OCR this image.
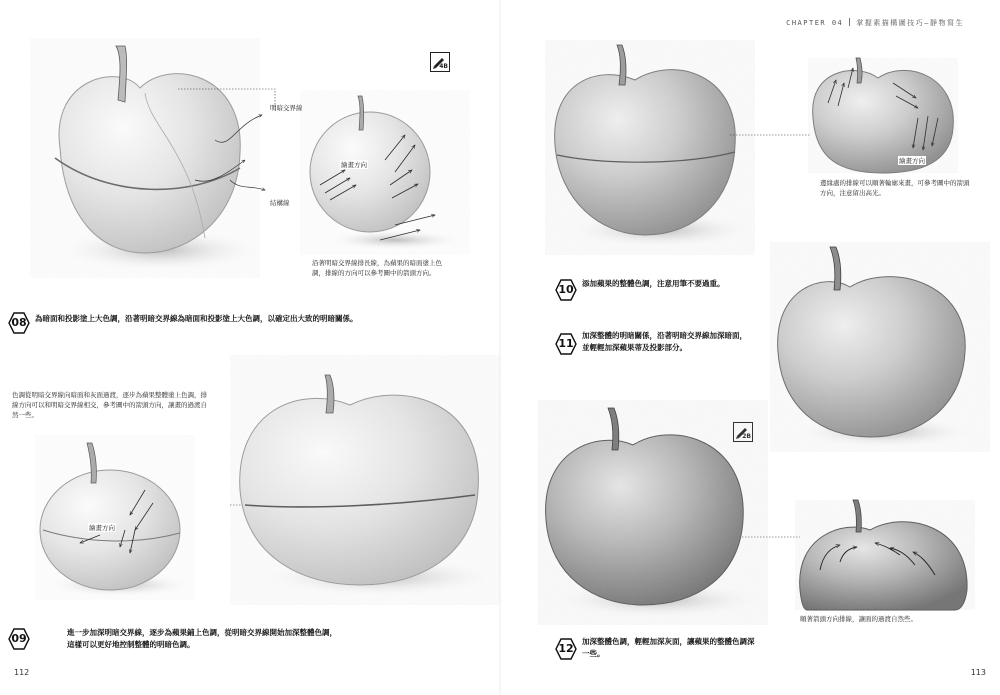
明暗交界線
結構線
繪畫方向
4B
沿著明暗交界線排長線，為蘋果的暗面塗上色調，排線的方向可以參考圖中的箭頭方向。
08	為暗面和投影塗上大色調，沿著明暗交界線為暗面和投影塗上大色調，以確定出大致的明暗關係。
色調從明暗交界線向暗面和灰面過渡，逐步為蘋果整體塗上色調，排線方向可以和明暗交界線相交，參考圖中的箭頭方向，讓畫的過渡自然一些。
繪畫方向
09	進一步加深明暗交界線，逐步為蘋果鋪上色調，從明暗交界線開始加深整體色調，
這樣可以更好地控制整體的明暗色調。
112
CHAPTER 04 掌握素描構圖技巧—靜物寫生
繪畫方向
邊緣處的排線可以順著輪廓來畫，可參考圖中的箭頭方向，注意留出高光。
10	添加蘋果的整體色調，注意用筆不要過重。
11
加深整體的明暗關係，沿著明暗交界線加深暗面，
並輕輕加深蘋果蒂及投影部分。
2B
順著箭頭方向排線，讓面的過渡自然些。
12
加深整體色調，輕輕加深灰面，讓蘋果的整體色調深
一些。
113
